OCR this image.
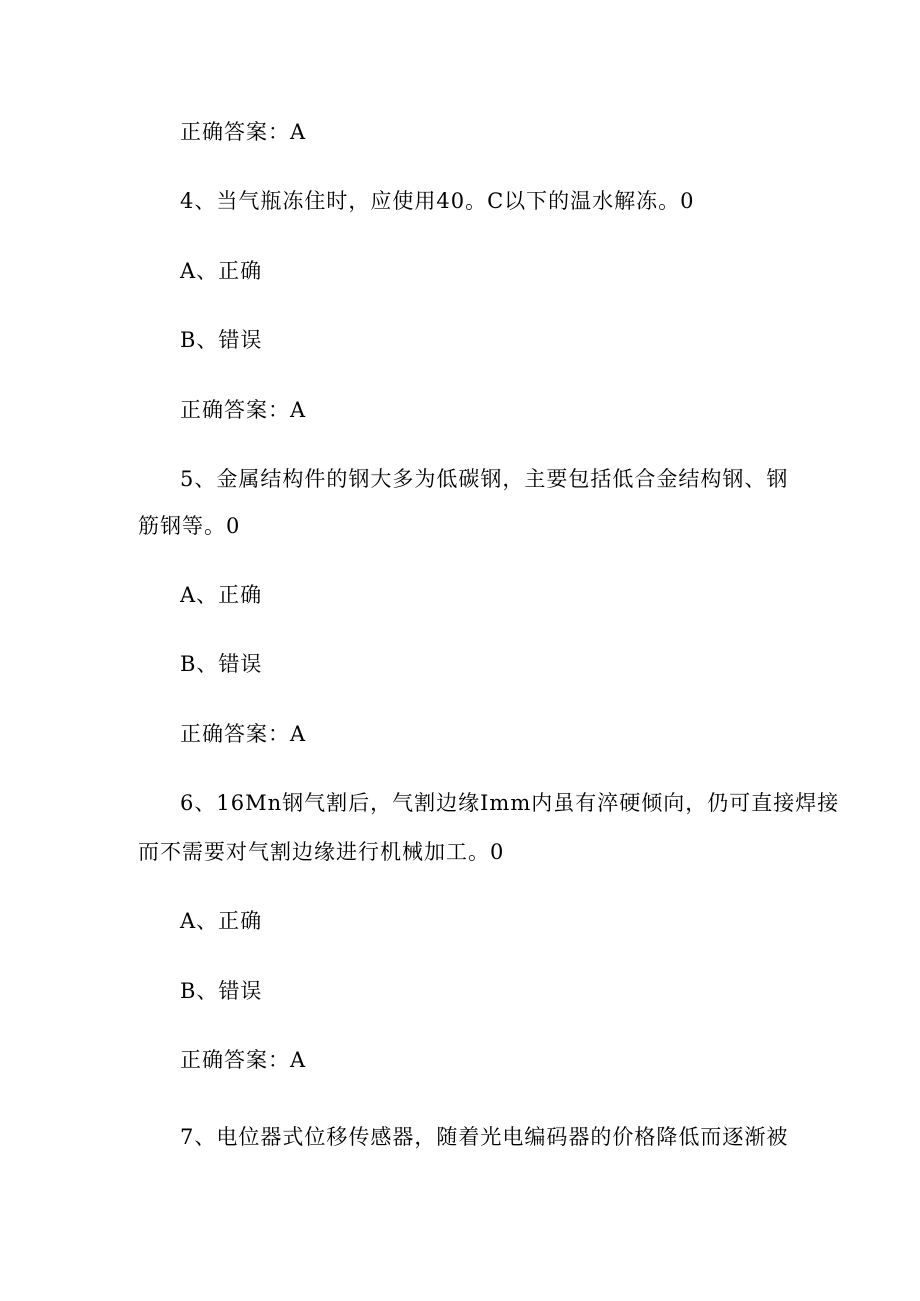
正确答案：A
4、当气瓶冻住时，应使用40。C以下的温水解冻。0
A、正确
B、错误
正确答案：A
5、金属结构件的钢大多为低碳钢，主要包括低合金结构钢、钢
筋钢等。0
A、正确
B、错误
正确答案：A
6、16Mn钢气割后，气割边缘Imm内虽有淬硬倾向，仍可直接焊接
而不需要对气割边缘进行机械加工。0
A、正确
B、错误
正确答案：A
7、电位器式位移传感器，随着光电编码器的价格降低而逐渐被
